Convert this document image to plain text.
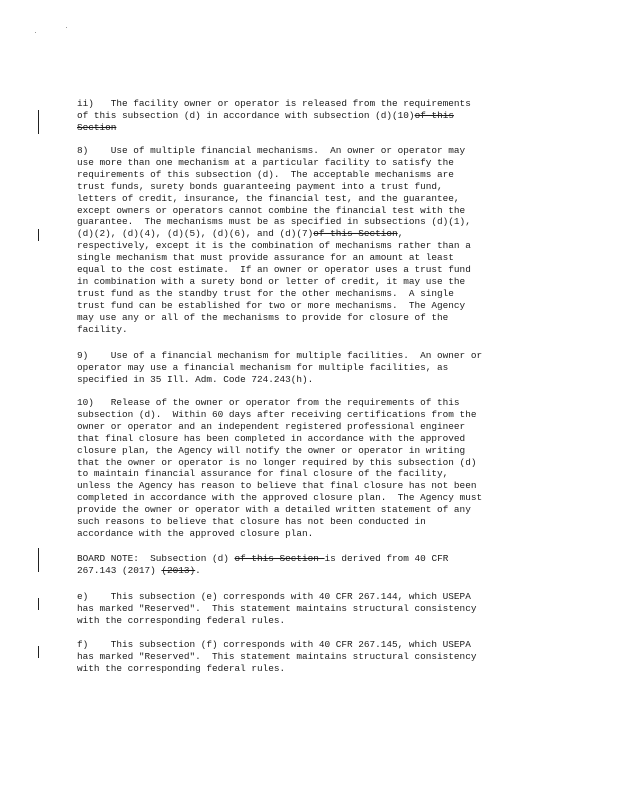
ii)   The facility owner or operator is released from the requirements
of this subsection (d) in accordance with subsection (d)(10)of this
Section
8)    Use of multiple financial mechanisms.  An owner or operator may
use more than one mechanism at a particular facility to satisfy the
requirements of this subsection (d).  The acceptable mechanisms are
trust funds, surety bonds guaranteeing payment into a trust fund,
letters of credit, insurance, the financial test, and the guarantee,
except owners or operators cannot combine the financial test with the
guarantee.  The mechanisms must be as specified in subsections (d)(1),
(d)(2), (d)(4), (d)(5), (d)(6), and (d)(7)of this Section,
respectively, except it is the combination of mechanisms rather than a
single mechanism that must provide assurance for an amount at least
equal to the cost estimate.  If an owner or operator uses a trust fund
in combination with a surety bond or letter of credit, it may use the
trust fund as the standby trust for the other mechanisms.  A single
trust fund can be established for two or more mechanisms.  The Agency
may use any or all of the mechanisms to provide for closure of the
facility.
9)    Use of a financial mechanism for multiple facilities.  An owner or
operator may use a financial mechanism for multiple facilities, as
specified in 35 Ill. Adm. Code 724.243(h).
10)   Release of the owner or operator from the requirements of this
subsection (d).  Within 60 days after receiving certifications from the
owner or operator and an independent registered professional engineer
that final closure has been completed in accordance with the approved
closure plan, the Agency will notify the owner or operator in writing
that the owner or operator is no longer required by this subsection (d)
to maintain financial assurance for final closure of the facility,
unless the Agency has reason to believe that final closure has not been
completed in accordance with the approved closure plan.  The Agency must
provide the owner or operator with a detailed written statement of any
such reasons to believe that closure has not been conducted in
accordance with the approved closure plan.
BOARD NOTE:  Subsection (d) of this Section is derived from 40 CFR
267.143 (2017) (2013).
e)    This subsection (e) corresponds with 40 CFR 267.144, which USEPA
has marked "Reserved".  This statement maintains structural consistency
with the corresponding federal rules.
f)    This subsection (f) corresponds with 40 CFR 267.145, which USEPA
has marked "Reserved".  This statement maintains structural consistency
with the corresponding federal rules.
